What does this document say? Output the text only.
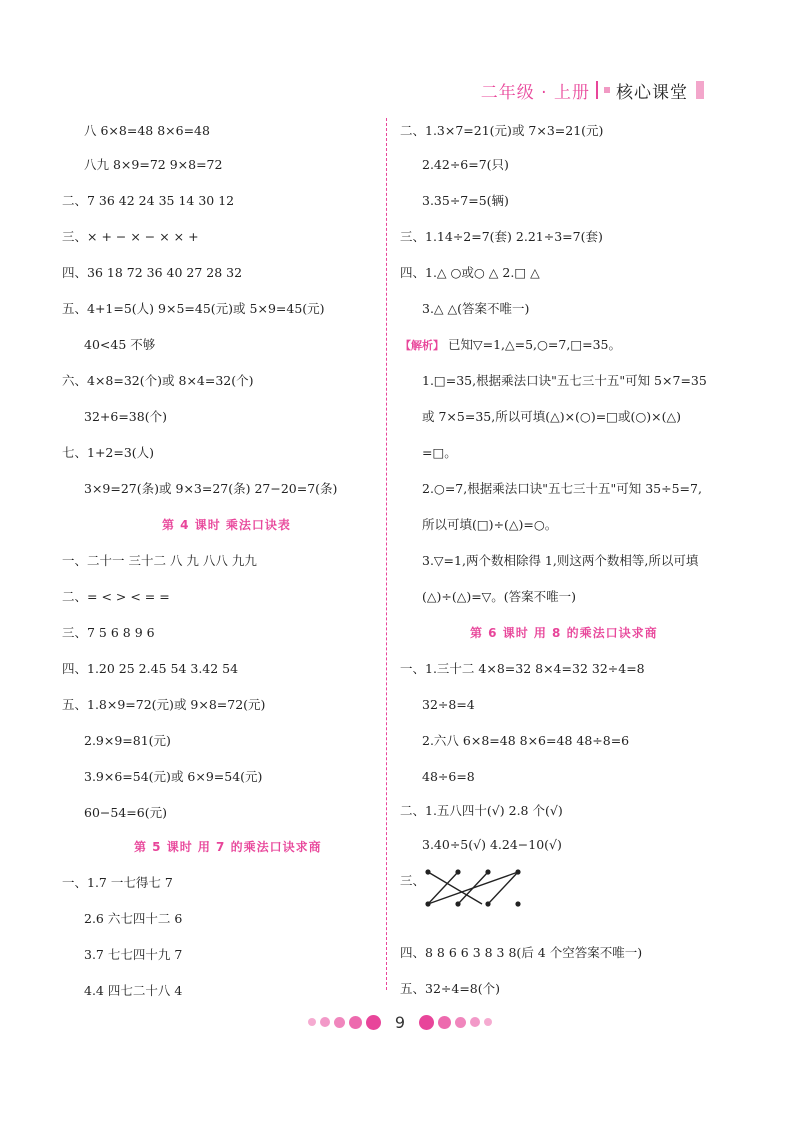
二年级 · 上册 核心课堂
八 6×8=48 8×6=48
八九 8×9=72 9×8=72
二、7 36 42 24 35 14 30 12
三、× + − × − × × +
四、36 18 72 36 40 27 28 32
五、4+1=5(人) 9×5=45(元)或 5×9=45(元)
40<45 不够
六、4×8=32(个)或 8×4=32(个)
32+6=38(个)
七、1+2=3(人)
3×9=27(条)或 9×3=27(条) 27−20=7(条)
第 4 课时 乘法口诀表
一、二十一 三十二 八 九 八八 九九
二、= < > < = =
三、7 5 6 8 9 6
四、1.20 25 2.45 54 3.42 54
五、1.8×9=72(元)或 9×8=72(元)
2.9×9=81(元)
3.9×6=54(元)或 6×9=54(元)
60−54=6(元)
第 5 课时 用 7 的乘法口诀求商
一、1.7 一七得七 7
2.6 六七四十二 6
3.7 七七四十九 7
4.4 四七二十八 4
二、1.3×7=21(元)或 7×3=21(元)
2.42÷6=7(只)
3.35÷7=5(辆)
三、1.14÷2=7(套) 2.21÷3=7(套)
四、1.△ ○或○ △ 2.□ △
3.△ △(答案不唯一)
【解析】 已知▽=1,△=5,○=7,□=35。
1.□=35,根据乘法口诀"五七三十五"可知 5×7=35
或 7×5=35,所以可填(△)×(○)=□或(○)×(△)
=□。
2.○=7,根据乘法口诀"五七三十五"可知 35÷5=7,
所以可填(□)÷(△)=○。
3.▽=1,两个数相除得 1,则这两个数相等,所以可填
(△)÷(△)=▽。(答案不唯一)
第 6 课时 用 8 的乘法口诀求商
一、1.三十二 4×8=32 8×4=32 32÷4=8
32÷8=4
2.六八 6×8=48 8×6=48 48÷8=6
48÷6=8
二、1.五八四十(√) 2.8 个(√)
3.40÷5(√) 4.24−10(√)
三、
四、8 8 6 6 3 8 3 8(后 4 个空答案不唯一)
五、32÷4=8(个)
9
